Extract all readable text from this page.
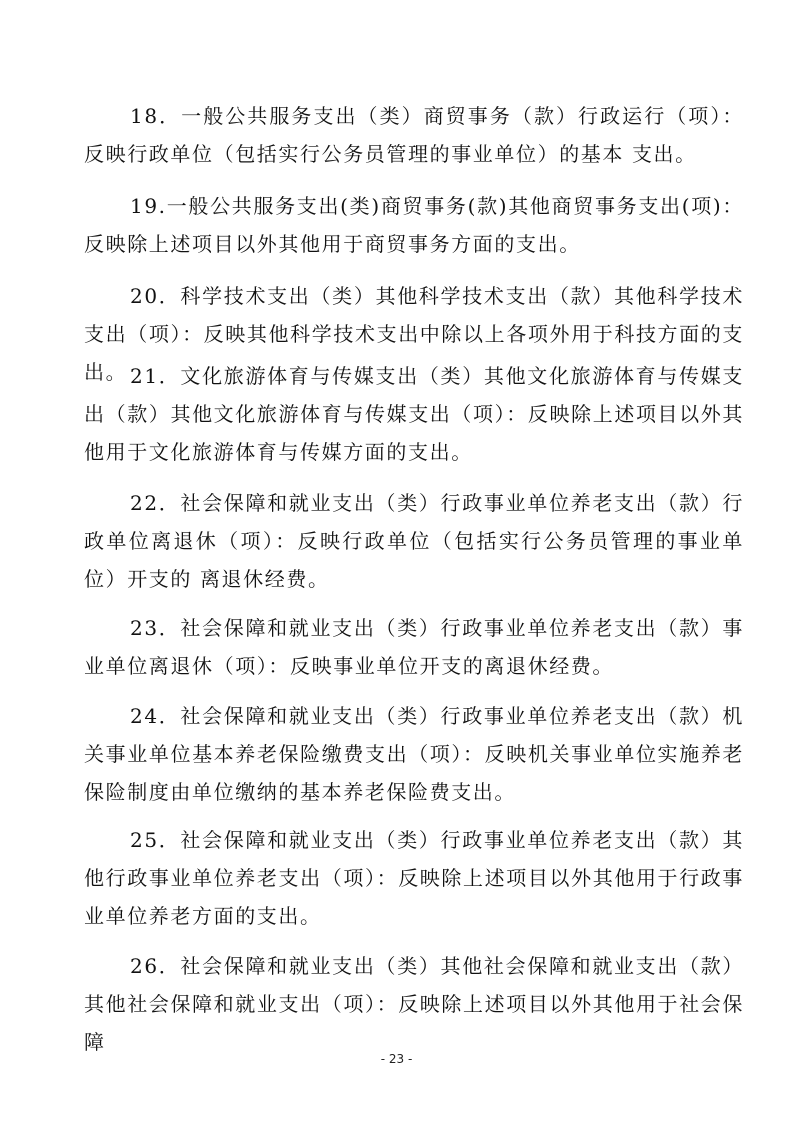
18．一般公共服务支出（类）商贸事务（款）行政运行（项）：反映行政单位（包括实行公务员管理的事业单位）的基本 支出。

19.一般公共服务支出(类)商贸事务(款)其他商贸事务支出(项)：反映除上述项目以外其他用于商贸事务方面的支出。

20．科学技术支出（类）其他科学技术支出（款）其他科学技术支出（项）：反映其他科学技术支出中除以上各项外用于科技方面的支出。 21．文化旅游体育与传媒支出（类）其他文化旅游体育与传媒支出（款）其他文化旅游体育与传媒支出（项）：反映除上述项目以外其他用于文化旅游体育与传媒方面的支出。

22．社会保障和就业支出（类）行政事业单位养老支出（款）行政单位离退休（项）：反映行政单位（包括实行公务员管理的事业单位）开支的 离退休经费。

23．社会保障和就业支出（类）行政事业单位养老支出（款）事业单位离退休（项）：反映事业单位开支的离退休经费。

24．社会保障和就业支出（类）行政事业单位养老支出（款）机关事业单位基本养老保险缴费支出（项）：反映机关事业单位实施养老保险制度由单位缴纳的基本养老保险费支出。

25．社会保障和就业支出（类）行政事业单位养老支出（款）其他行政事业单位养老支出（项）：反映除上述项目以外其他用于行政事业单位养老方面的支出。

26．社会保障和就业支出（类）其他社会保障和就业支出（款）其他社会保障和就业支出（项）：反映除上述项目以外其他用于社会保障

- 23 -
